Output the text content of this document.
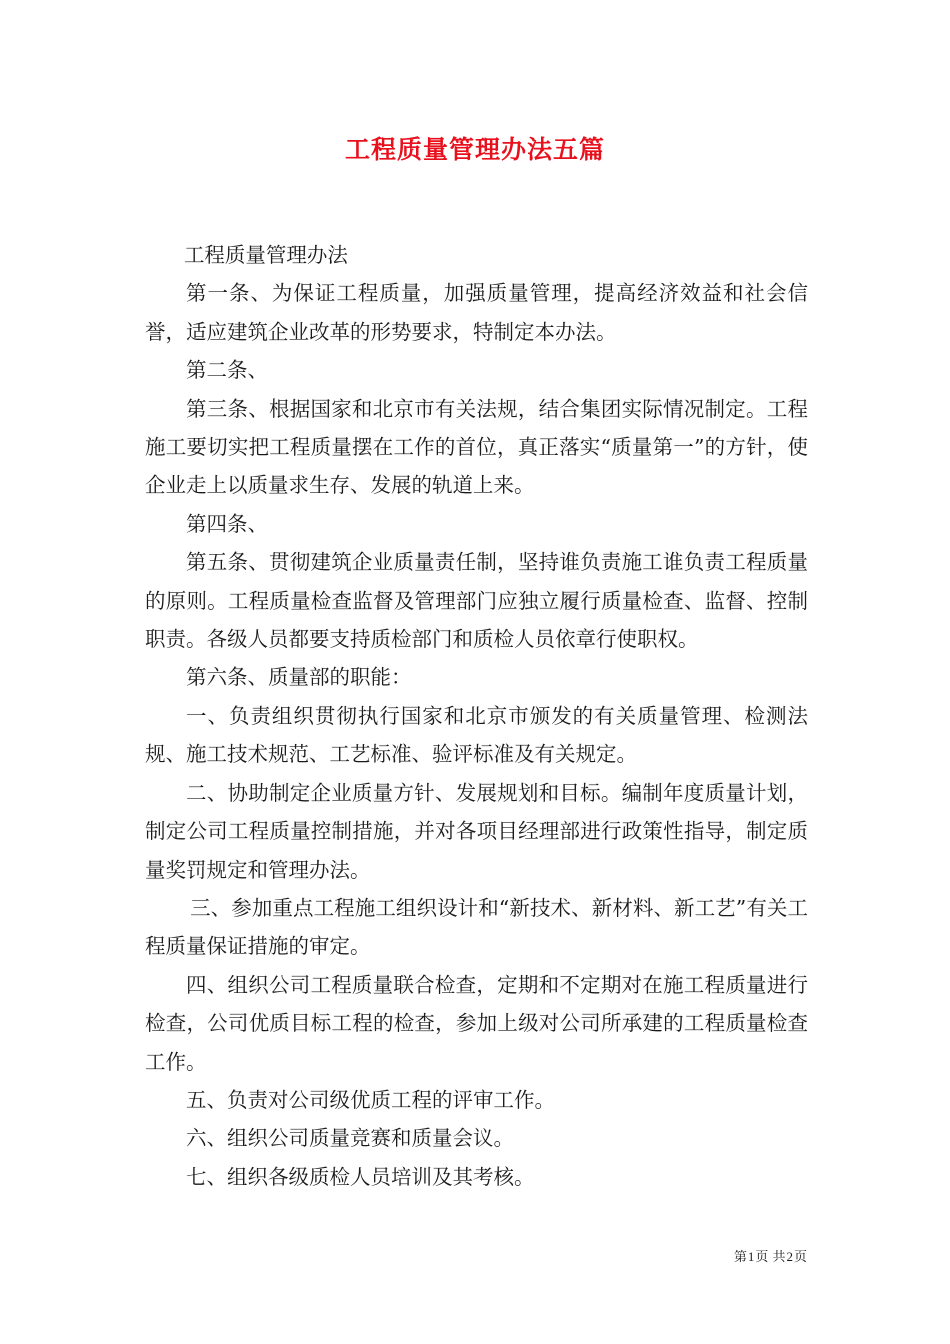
工程质量管理办法五篇

工程质量管理办法

第一条、为保证工程质量，加强质量管理，提高经济效益和社会信誉，适应建筑企业改革的形势要求，特制定本办法。

第二条、

第三条、根据国家和北京市有关法规，结合集团实际情况制定。工程施工要切实把工程质量摆在工作的首位，真正落实“质量第一”的方针，使企业走上以质量求生存、发展的轨道上来。

第四条、

第五条、贯彻建筑企业质量责任制，坚持谁负责施工谁负责工程质量的原则。工程质量检查监督及管理部门应独立履行质量检查、监督、控制职责。各级人员都要支持质检部门和质检人员依章行使职权。

第六条、质量部的职能：

一、负责组织贯彻执行国家和北京市颁发的有关质量管理、检测法规、施工技术规范、工艺标准、验评标准及有关规定。

二、协助制定企业质量方针、发展规划和目标。编制年度质量计划，制定公司工程质量控制措施，并对各项目经理部进行政策性指导，制定质量奖罚规定和管理办法。

三、参加重点工程施工组织设计和“新技术、新材料、新工艺”有关工程质量保证措施的审定。

四、组织公司工程质量联合检查，定期和不定期对在施工程质量进行检查，公司优质目标工程的检查，参加上级对公司所承建的工程质量检查工作。

五、负责对公司级优质工程的评审工作。

六、组织公司质量竞赛和质量会议。

七、组织各级质检人员培训及其考核。

第1页 共2页
